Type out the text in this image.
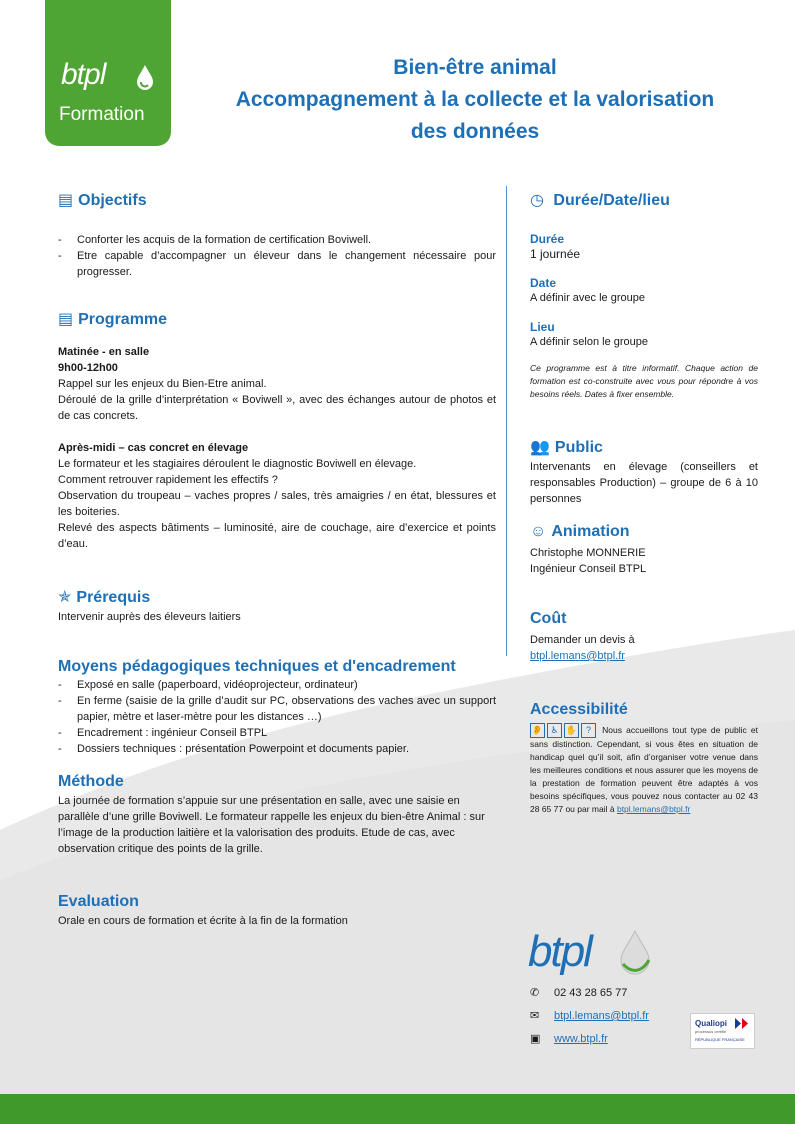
btpl
Formation
Bien-être animal
Accompagnement à la collecte et la valorisation
des données
▤ Objectifs
- Conforter les acquis de la formation de certification Boviwell.
- Etre capable d’accompagner un éleveur dans le changement nécessaire pour progresser.
▤ Programme
Matinée - en salle
9h00-12h00
Rappel sur les enjeux du Bien-Etre animal.
Déroulé de la grille d’interprétation « Boviwell », avec des échanges autour de photos et de cas concrets.
Après-midi – cas concret en élevage
Le formateur et les stagiaires déroulent le diagnostic Boviwell en élevage.
Comment retrouver rapidement les effectifs ?
Observation du troupeau – vaches propres / sales, très amaigries / en état, blessures et les boiteries.
Relevé des aspects bâtiments – luminosité, aire de couchage, aire d’exercice et points d’eau.
✯ Prérequis
Intervenir auprès des éleveurs laitiers
Moyens pédagogiques techniques et d'encadrement
- Exposé en salle (paperboard, vidéoprojecteur, ordinateur)
- En ferme (saisie de la grille d’audit sur PC, observations des vaches avec un support papier, mètre et laser-mètre pour les distances …)
- Encadrement : ingénieur Conseil BTPL
- Dossiers techniques : présentation Powerpoint et documents papier.
Méthode
La journée de formation s’appuie sur une présentation en salle, avec une saisie en parallèle d’une grille Boviwell. Le formateur rappelle les enjeux du bien-être Animal : sur l’image de la production laitière et la valorisation des produits. Etude de cas, avec observation critique des points de la grille.
Evaluation
Orale en cours de formation et écrite à la fin de la formation
◷ Durée/Date/lieu
Durée
1 journée
Date
A définir avec le groupe
Lieu
A définir selon le groupe
Ce programme est à titre informatif. Chaque action de formation est co-construite avec vous pour répondre à vos besoins réels. Dates à fixer ensemble.
👥 Public
Intervenants en élevage (conseillers et responsables Production) – groupe de 6 à 10 personnes
☺ Animation
Christophe MONNERIE
Ingénieur Conseil BTPL
Coût
Demander un devis à
btpl.lemans@btpl.fr
Accessibilité
👂 ♿ ✋ ? Nous accueillons tout type de public et sans distinction. Cependant, si vous êtes en situation de handicap quel qu’il soit, afin d’organiser votre venue dans les meilleures conditions et nous assurer que les moyens de la prestation de formation peuvent être adaptés à vos besoins spécifiques, vous pouvez nous contacter au 02 43 28 65 77 ou par mail à btpl.lemans@btpl.fr
btpl
✆ 02 43 28 65 77
✉ btpl.lemans@btpl.fr
▣ www.btpl.fr
Qualiopi
processus certifié
RÉPUBLIQUE FRANÇAISE
